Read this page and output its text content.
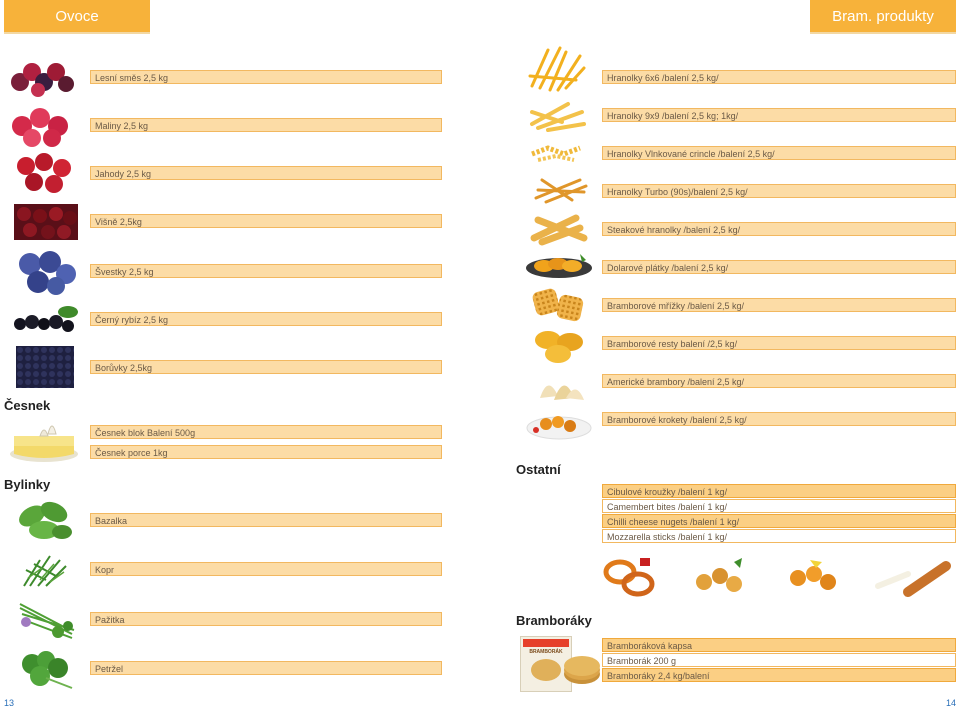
Ovoce	Bram. produkty
Lesní směs 2,5 kg
Maliny 2,5 kg
Jahody 2,5 kg
Višně 2,5kg
Švestky 2,5 kg
Černý rybíz 2,5 kg
Borůvky 2,5kg
Česnek
Česnek blok Balení 500g
Česnek porce 1kg
Bylinky
Bazalka
Kopr
Pažitka
Petržel
13
Hranolky 6x6 /balení 2,5 kg/
Hranolky 9x9 /balení 2,5 kg; 1kg/
Hranolky Vlnkované crincle /balení 2,5 kg/
Hranolky Turbo (90s)/balení 2,5 kg/
Steakové hranolky /balení 2,5 kg/
Dolarové plátky /balení 2,5 kg/
Bramborové mřížky /balení 2,5 kg/
Bramborové resty balení /2,5 kg/
Americké brambory /balení 2,5 kg/
Bramborové krokety /balení 2,5 kg/
Ostatní
Cibulové kroužky /balení 1 kg/
Camembert bites /balení 1 kg/
Chilli cheese nugets /balení 1 kg/
Mozzarella sticks /balení 1 kg/
Bramboráky
BRAMBORÁK
Bramboráková kapsa
Bramborák 200 g
Bramboráky 2,4 kg/balení
14
